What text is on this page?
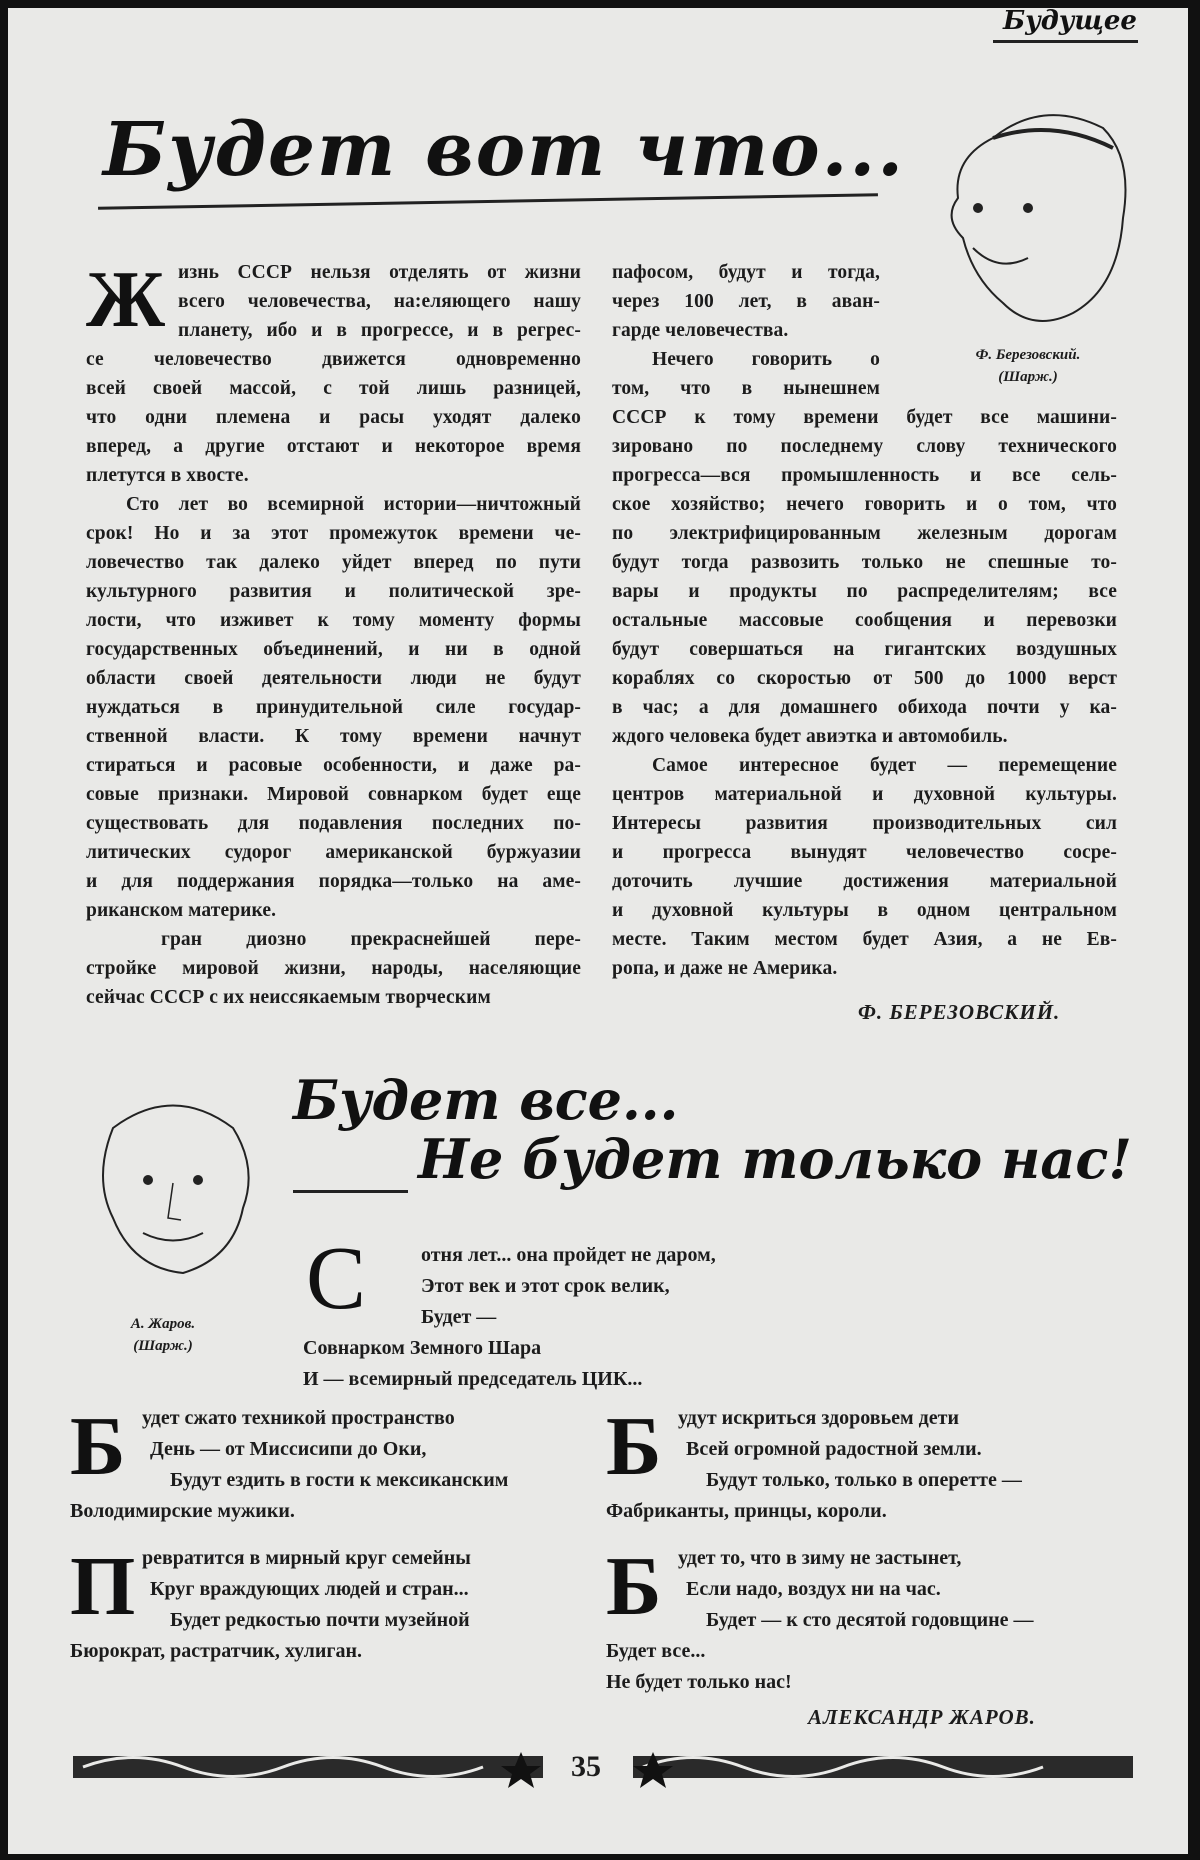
Будущее
Будет вот что...
Ф. Березовский.
(Шарж.)
Ж изнь СССР нельзя отделять от жизни
всего человечества, на:еляющего нашу
планету, ибо и в прогрессе, и в регрес-
се человечество движется одновременно
всей своей массой, с той лишь разницей,
что одни племена и расы уходят далеко
вперед, а другие отстают и некоторое время
плетутся в хвосте.
Сто лет во всемирной истории—ничтожный
срок! Но и за этот промежуток времени че-
ловечество так далеко уйдет вперед по пути
культурного развития и политической зре-
лости, что изживет к тому моменту формы
государственных объединений, и ни в одной
области своей деятельности люди не будут
нуждаться в принудительной силе государ-
ственной власти. К тому времени начнут
стираться и расовые особенности, и даже ра-
совые признаки. Мировой совнарком будет еще
существовать для подавления последних по-
литических судорог американской буржуазии
и для поддержания порядка—только на аме-
риканском материке.
гран диозно прекраснейшей пере-
стройке мировой жизни, народы, населяющие
сейчас СССР с их неиссякаемым творческим
пафосом, будут и тогда,
через 100 лет, в аван-
гарде человечества.
Нечего говорить о
том, что в нынешнем
СССР к тому времени будет все машини-
зировано по последнему слову технического
прогресса—вся промышленность и все сель-
ское хозяйство; нечего говорить и о том, что
по электрифицированным железным дорогам
будут тогда развозить только не спешные то-
вары и продукты по распределителям; все
остальные массовые сообщения и перевозки
будут совершаться на гигантских воздушных
кораблях со скоростью от 500 до 1000 верст
в час; а для домашнего обихода почти у ка-
ждого человека будет авиэтка и автомобиль.
Самое интересное будет — перемещение
центров материальной и духовной культуры.
Интересы развития производительных сил
и прогресса вынудят человечество сосре-
доточить лучшие достижения материальной
и духовной культуры в одном центральном
месте. Таким местом будет Азия, а не Ев-
ропа, и даже не Америка.
Ф. БЕРЕЗОВСКИЙ.
А. Жаров.
(Шарж.)
Будет все...
Не будет только нас!
С	отня лет... она пройдет не даром,
Этот век и этот срок велик,
Будет —
Совнарком Земного Шара
И — всемирный председатель ЦИК...
Б удет сжато техникой пространство
День — от Миссисипи до Оки,
Будут ездить в гости к мексиканским
Володимирские мужики.
П ревратится в мирный круг семейны
Круг враждующих людей и стран...
Будет редкостью почти музейной
Бюрократ, растратчик, хулиган.
Б удут искриться здоровьем дети
Всей огромной радостной земли.
Будут только, только в оперетте —
Фабриканты, принцы, короли.
Б удет то, что в зиму не застынет,
Если надо, воздух ни на час.
Будет — к сто десятой годовщине —
Будет все...
Не будет только нас!
АЛЕКСАНДР ЖАРОВ.
35
